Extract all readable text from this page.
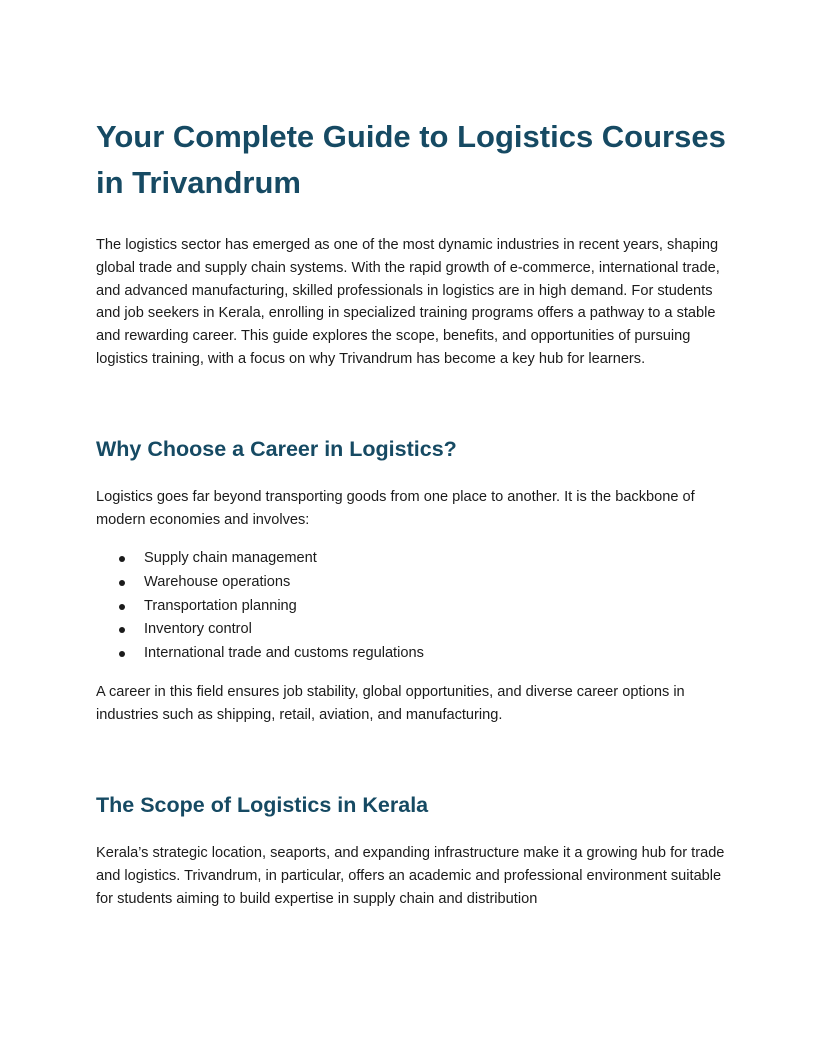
Your Complete Guide to Logistics Courses in Trivandrum

The logistics sector has emerged as one of the most dynamic industries in recent years, shaping global trade and supply chain systems. With the rapid growth of e-commerce, international trade, and advanced manufacturing, skilled professionals in logistics are in high demand. For students and job seekers in Kerala, enrolling in specialized training programs offers a pathway to a stable and rewarding career. This guide explores the scope, benefits, and opportunities of pursuing logistics training, with a focus on why Trivandrum has become a key hub for learners.

Why Choose a Career in Logistics?

Logistics goes far beyond transporting goods from one place to another. It is the backbone of modern economies and involves:

Supply chain management
Warehouse operations
Transportation planning
Inventory control
International trade and customs regulations

A career in this field ensures job stability, global opportunities, and diverse career options in industries such as shipping, retail, aviation, and manufacturing.

The Scope of Logistics in Kerala

Kerala’s strategic location, seaports, and expanding infrastructure make it a growing hub for trade and logistics. Trivandrum, in particular, offers an academic and professional environment suitable for students aiming to build expertise in supply chain and distribution
